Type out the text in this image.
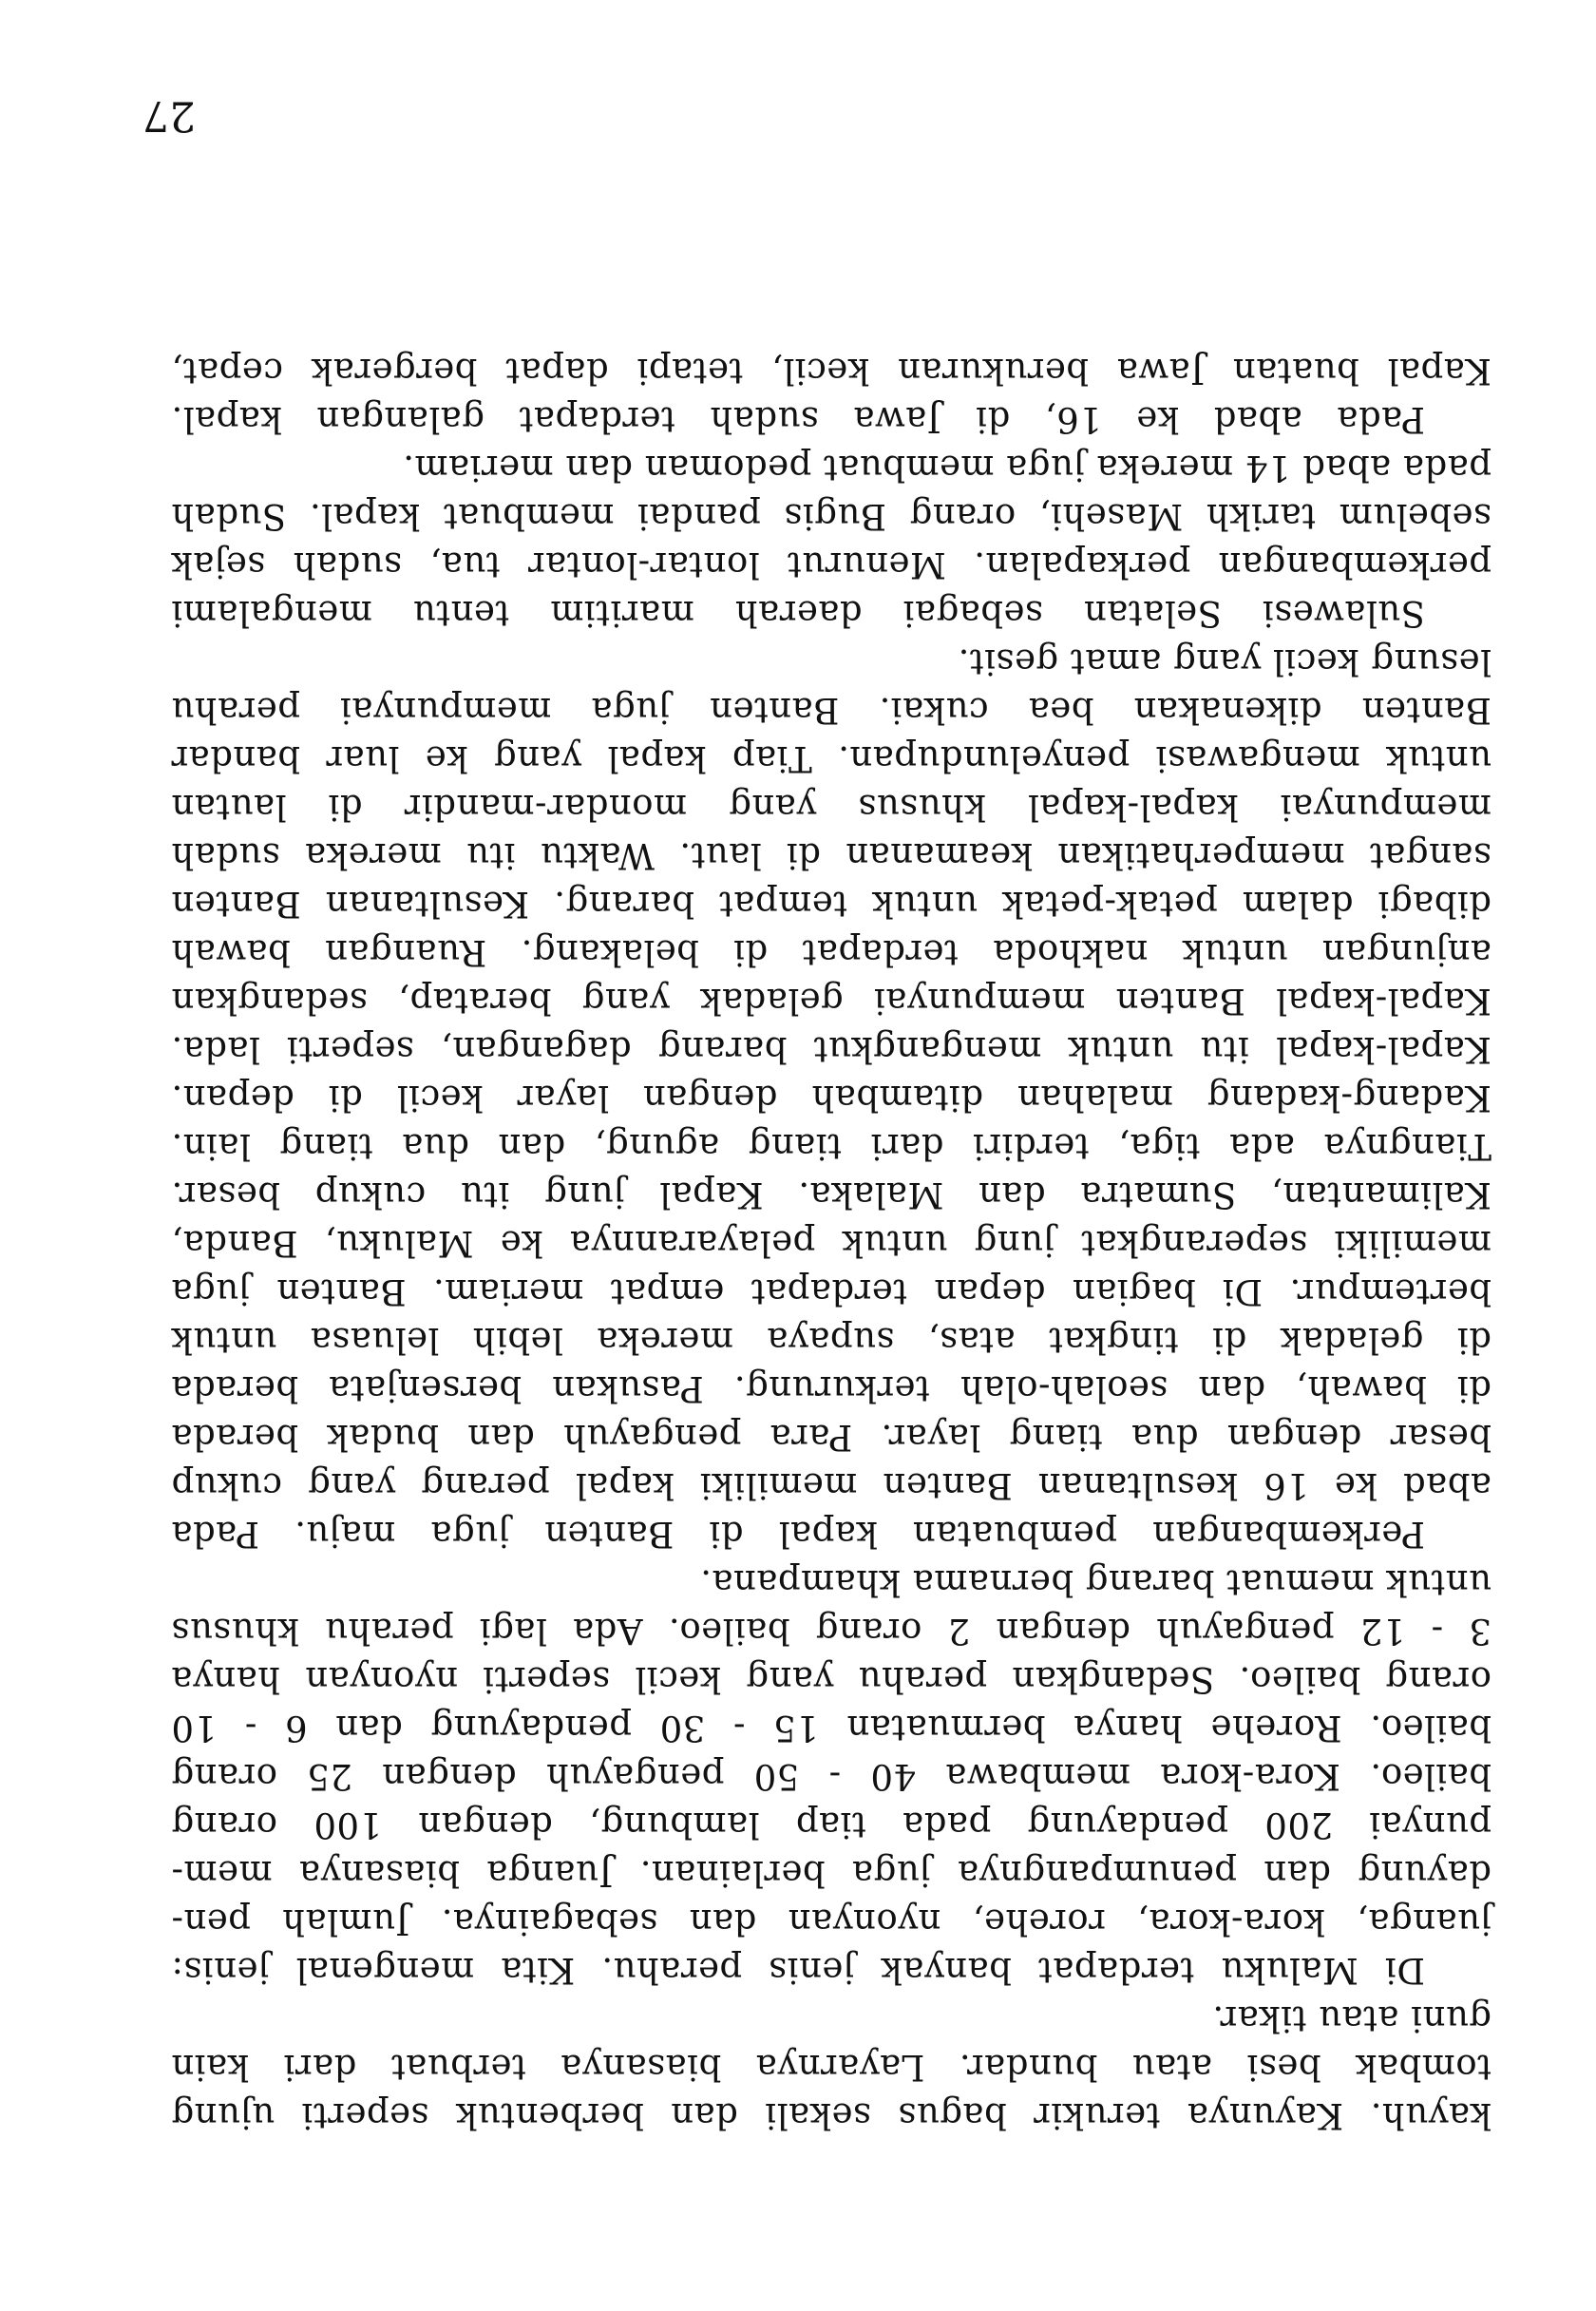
kayuh. Kayunya terukir bagus sekali dan berbentuk seperti ujung
tombak besi atau bundar. Layarnya biasanya terbuat dari kain
guni atau tikar.
Di Maluku terdapat banyak jenis perahu. Kita mengenal jenis:
juanga, kora-kora, rorehe, nyonyan dan sebagainya. Jumlah pen-
dayung dan penumpangnya juga berlainan. Juanga biasanya mem-
punyai 200 pendayung pada tiap lambung, dengan 100 orang
baileo. Kora-kora membawa 40 - 50 pengayuh dengan 25 orang
baileo. Rorehe hanya bermuatan 15 - 30 pendayung dan 6 - 10
orang baileo. Sedangkan perahu yang kecil seperti nyonyan hanya
3 - 12 pengayuh dengan 2 orang baileo. Ada lagi perahu khusus
untuk memuat barang bernama khampana.
Perkembangan pembuatan kapal di Banten juga maju. Pada
abad ke 16 kesultanan Banten memiliki kapal perang yang cukup
besar dengan dua tiang layar. Para pengayuh dan budak berada
di bawah, dan seolah-olah terkurung. Pasukan bersenjata berada
di geladak di tingkat atas, supaya mereka lebih leluasa untuk
bertempur. Di bagian depan terdapat empat meriam. Banten juga
memiliki seperangkat jung untuk pelayarannya ke Maluku, Banda,
Kalimantan, Sumatra dan Malaka. Kapal jung itu cukup besar.
Tiangnya ada tiga, terdiri dari tiang agung, dan dua tiang lain.
Kadang-kadang malahan ditambah dengan layar kecil di depan.
Kapal-kapal itu untuk mengangkut barang dagangan, seperti lada.
Kapal-kapal Banten mempunyai geladak yang beratap, sedangkan
anjungan untuk nakhoda terdapat di belakang. Ruangan bawah
dibagi dalam petak-petak untuk tempat barang. Kesultanan Banten
sangat memperhatikan keamanan di laut. Waktu itu mereka sudah
mempunyai kapal-kapal khusus yang mondar-mandir di lautan
untuk mengawasi penyelundupan. Tiap kapal yang ke luar bandar
Banten dikenakan bea cukai. Banten juga mempunyai perahu
lesung kecil yang amat gesit.
Sulawesi Selatan sebagai daerah maritim tentu mengalami
perkembangan perkapalan. Menurut lontar-lontar tua, sudah sejak
sebelum tarikh Masehi, orang Bugis pandai membuat kapal. Sudah
pada abad 14 mereka juga membuat pedoman dan meriam.
Pada abad ke 16, di Jawa sudah terdapat galangan kapal.
Kapal buatan Jawa berukuran kecil, tetapi dapat bergerak cepat,
27
